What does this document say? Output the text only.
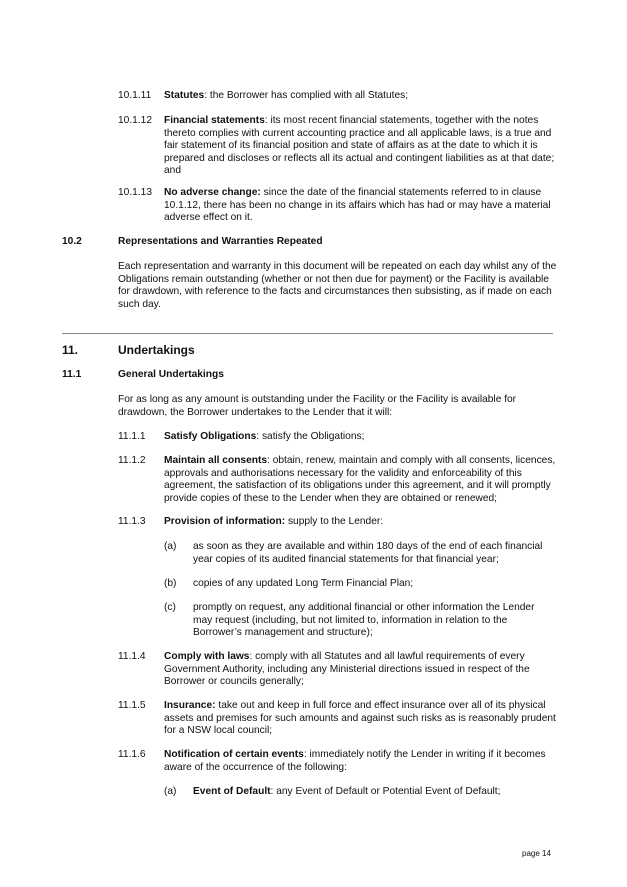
10.1.11 Statutes: the Borrower has complied with all Statutes;
10.1.12 Financial statements: its most recent financial statements, together with the notes thereto complies with current accounting practice and all applicable laws, is a true and fair statement of its financial position and state of affairs as at the date to which it is prepared and discloses or reflects all its actual and contingent liabilities as at that date; and
10.1.13 No adverse change: since the date of the financial statements referred to in clause 10.1.12, there has been no change in its affairs which has had or may have a material adverse effect on it.
10.2	Representations and Warranties Repeated
Each representation and warranty in this document will be repeated on each day whilst any of the Obligations remain outstanding (whether or not then due for payment) or the Facility is available for drawdown, with reference to the facts and circumstances then subsisting, as if made on each such day.
11.	Undertakings
11.1	General Undertakings
For as long as any amount is outstanding under the Facility or the Facility is available for drawdown, the Borrower undertakes to the Lender that it will:
11.1.1 Satisfy Obligations: satisfy the Obligations;
11.1.2 Maintain all consents: obtain, renew, maintain and comply with all consents, licences, approvals and authorisations necessary for the validity and enforceability of this agreement, the satisfaction of its obligations under this agreement, and it will promptly provide copies of these to the Lender when they are obtained or renewed;
11.1.3 Provision of information: supply to the Lender:
(a) as soon as they are available and within 180 days of the end of each financial year copies of its audited financial statements for that financial year;
(b) copies of any updated Long Term Financial Plan;
(c) promptly on request, any additional financial or other information the Lender may request (including, but not limited to, information in relation to the Borrower’s management and structure);
11.1.4 Comply with laws: comply with all Statutes and all lawful requirements of every Government Authority, including any Ministerial directions issued in respect of the Borrower or councils generally;
11.1.5 Insurance: take out and keep in full force and effect insurance over all of its physical assets and premises for such amounts and against such risks as is reasonably prudent for a NSW local council;
11.1.6 Notification of certain events: immediately notify the Lender in writing if it becomes aware of the occurrence of the following:
(a) Event of Default: any Event of Default or Potential Event of Default;
page 14
